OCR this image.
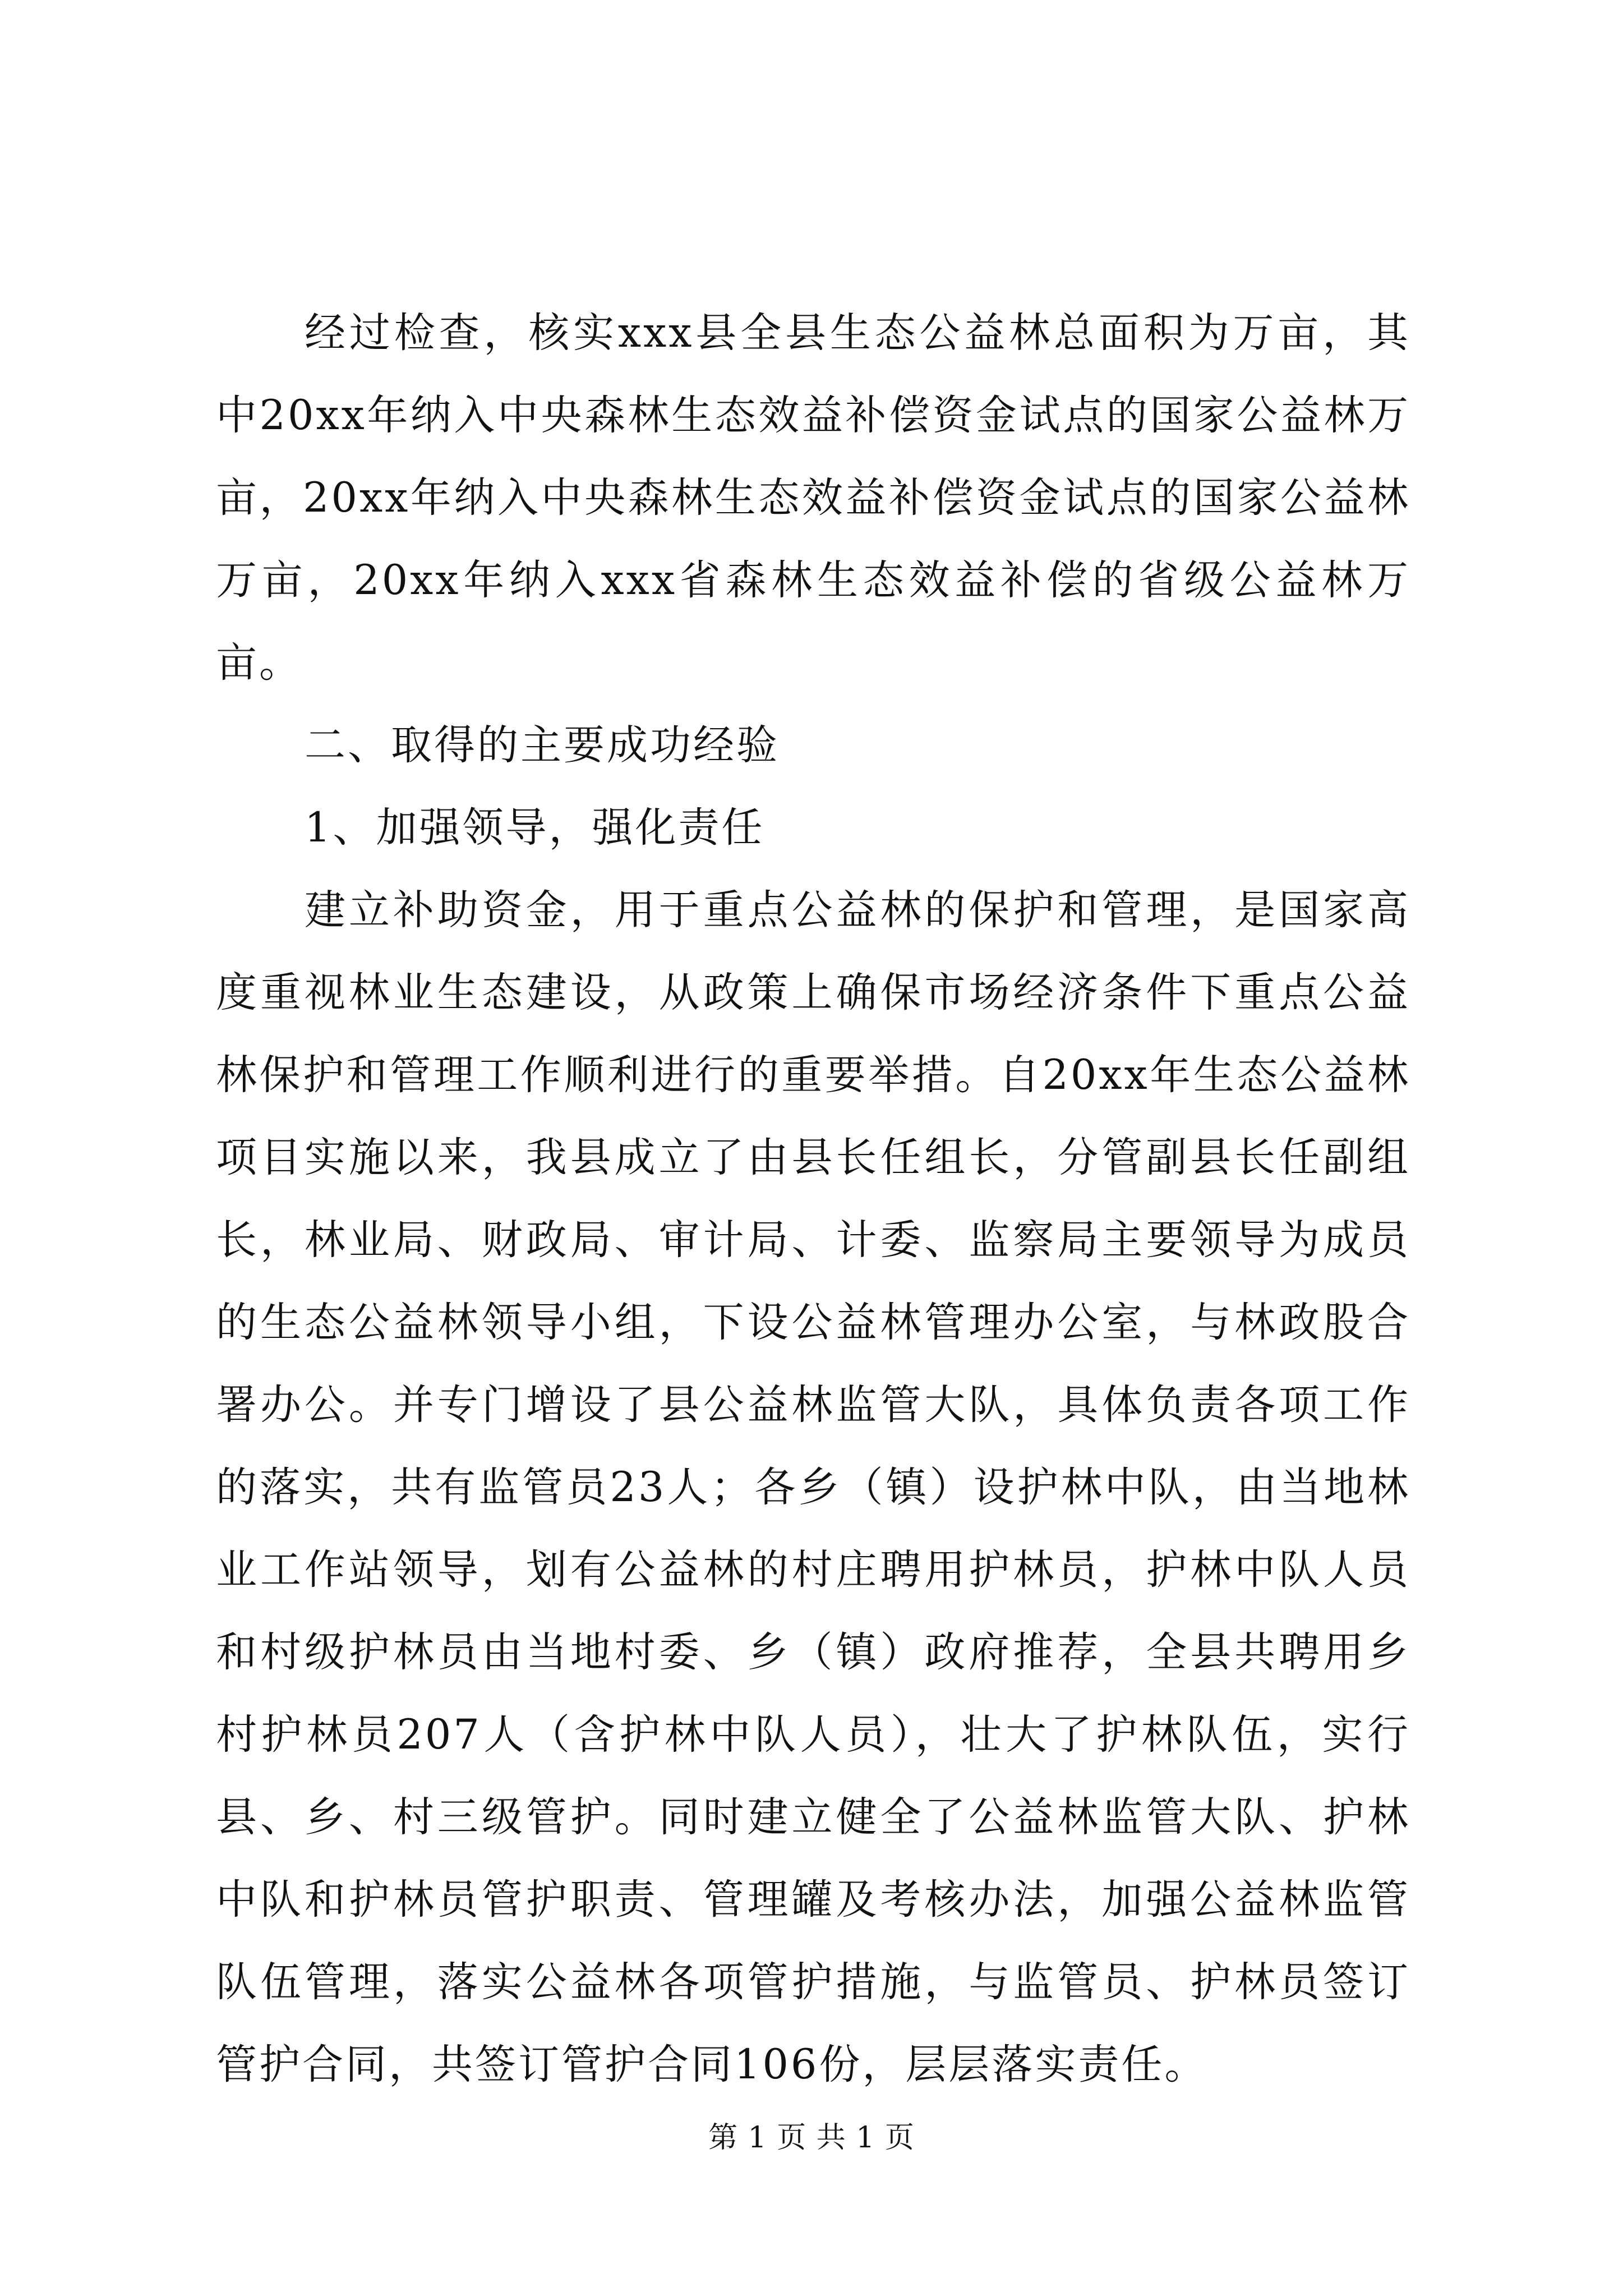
经过检查，核实xxx县全县生态公益林总面积为万亩，其中20xx年纳入中央森林生态效益补偿资金试点的国家公益林万亩，20xx年纳入中央森林生态效益补偿资金试点的国家公益林万亩，20xx年纳入xxx省森林生态效益补偿的省级公益林万亩。

二、取得的主要成功经验

1、加强领导，强化责任

建立补助资金，用于重点公益林的保护和管理，是国家高度重视林业生态建设，从政策上确保市场经济条件下重点公益林保护和管理工作顺利进行的重要举措。自20xx年生态公益林项目实施以来，我县成立了由县长任组长，分管副县长任副组长，林业局、财政局、审计局、计委、监察局主要领导为成员的生态公益林领导小组，下设公益林管理办公室，与林政股合署办公。并专门增设了县公益林监管大队，具体负责各项工作的落实，共有监管员23人；各乡（镇）设护林中队，由当地林业工作站领导，划有公益林的村庄聘用护林员，护林中队人员和村级护林员由当地村委、乡（镇）政府推荐，全县共聘用乡村护林员207人（含护林中队人员），壮大了护林队伍，实行县、乡、村三级管护。同时建立健全了公益林监管大队、护林中队和护林员管护职责、管理罐及考核办法，加强公益林监管队伍管理，落实公益林各项管护措施，与监管员、护林员签订管护合同，共签订管护合同106份，层层落实责任。

第 1 页 共 1 页
